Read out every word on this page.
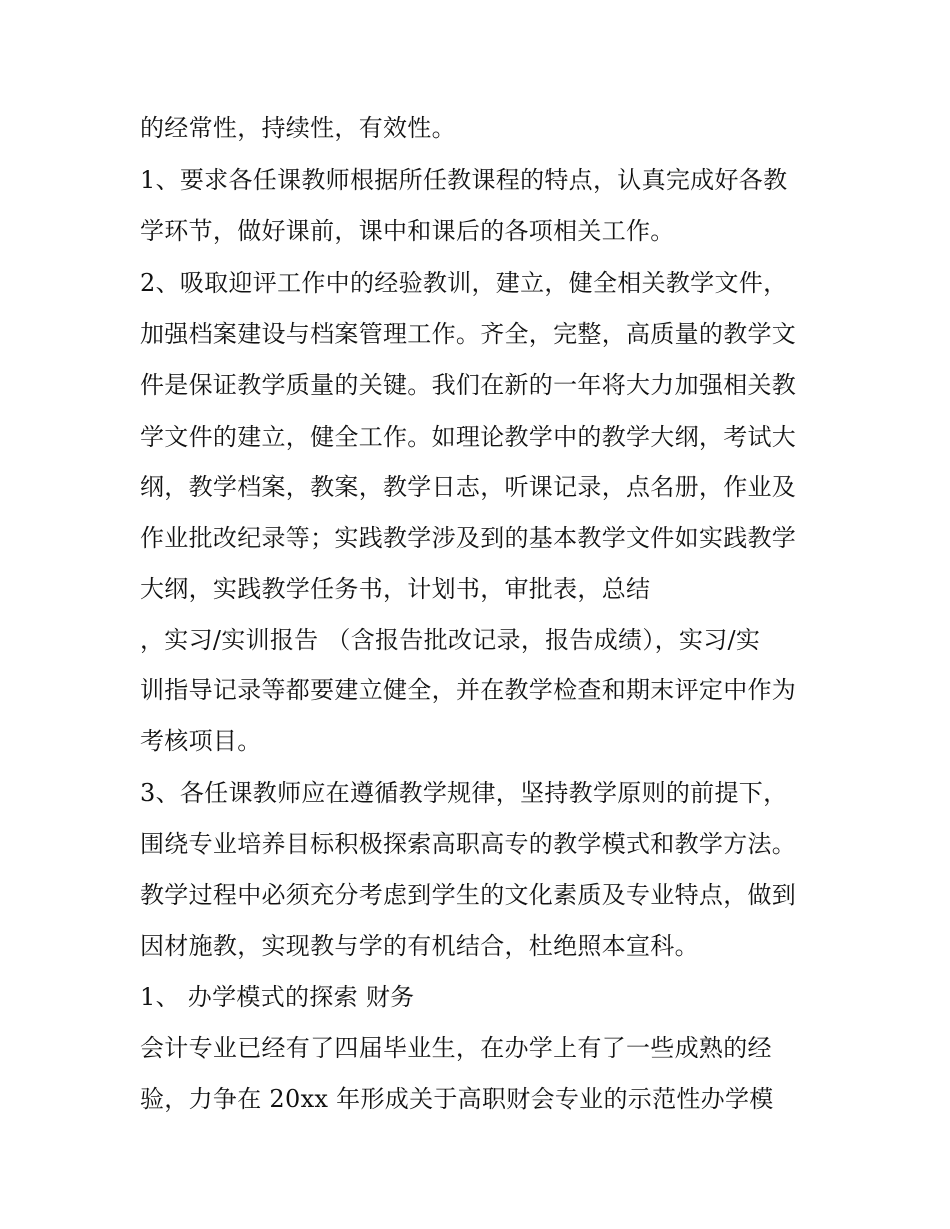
的经常性，持续性，有效性。
1、要求各任课教师根据所任教课程的特点，认真完成好各教
学环节，做好课前，课中和课后的各项相关工作。
2、吸取迎评工作中的经验教训，建立，健全相关教学文件，
加强档案建设与档案管理工作。齐全，完整，高质量的教学文
件是保证教学质量的关键。我们在新的一年将大力加强相关教
学文件的建立，健全工作。如理论教学中的教学大纲，考试大
纲，教学档案，教案，教学日志，听课记录，点名册，作业及
作业批改纪录等；实践教学涉及到的基本教学文件如实践教学
大纲，实践教学任务书，计划书，审批表，总结
，实习/实训报告 （含报告批改记录，报告成绩），实习/实
训指导记录等都要建立健全，并在教学检查和期末评定中作为
考核项目。
3、各任课教师应在遵循教学规律，坚持教学原则的前提下，
围绕专业培养目标积极探索高职高专的教学模式和教学方法。
教学过程中必须充分考虑到学生的文化素质及专业特点，做到
因材施教，实现教与学的有机结合，杜绝照本宣科。
1、 办学模式的探索 财务
会计专业已经有了四届毕业生，在办学上有了一些成熟的经
验，力争在 20xx 年形成关于高职财会专业的示范性办学模
